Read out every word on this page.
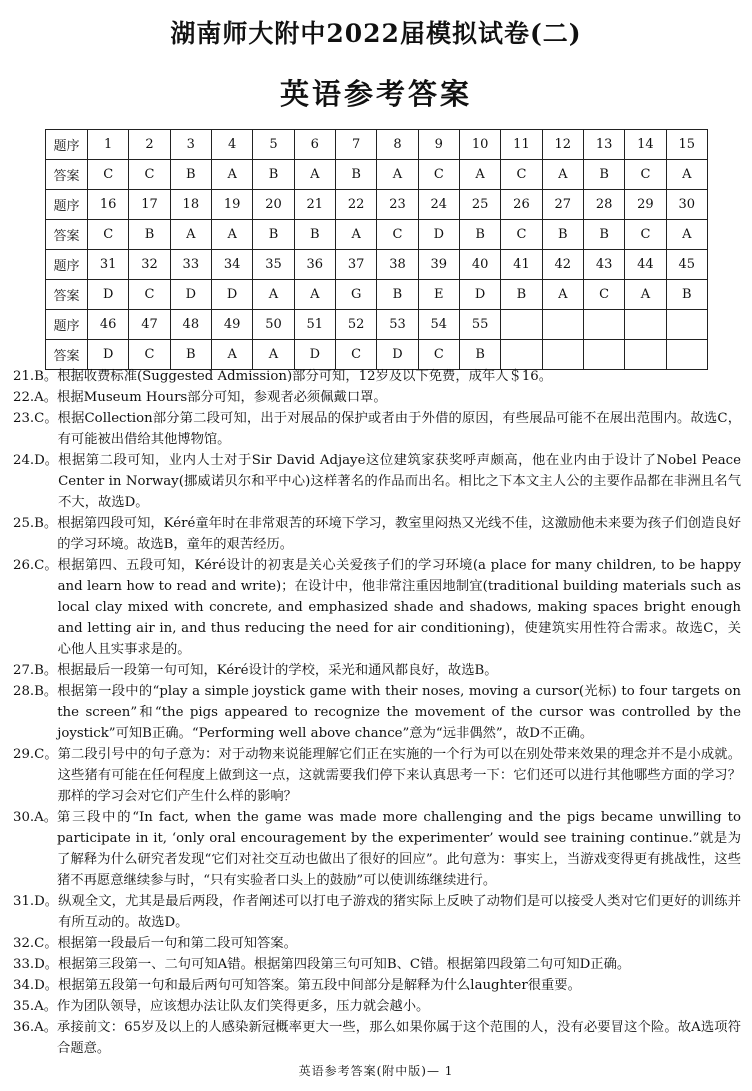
湖南师大附中2022届模拟试卷(二)
英语参考答案
题序	1	2	3	4	5	6	7	8	9	10	11	12	13	14	15
答案	C	C	B	A	B	A	B	A	C	A	C	A	B	C	A
题序	16	17	18	19	20	21	22	23	24	25	26	27	28	29	30
答案	C	B	A	A	B	B	A	C	D	B	C	B	B	C	A
题序	31	32	33	34	35	36	37	38	39	40	41	42	43	44	45
答案	D	C	D	D	A	A	G	B	E	D	B	A	C	A	B
题序	46	47	48	49	50	51	52	53	54	55					
答案	D	C	B	A	A	D	C	D	C	B					
21.B。 根据收费标准(Suggested Admission)部分可知，12岁及以下免费，成年人＄16。
22.A。 根据Museum Hours部分可知，参观者必须佩戴口罩。
23.C。 根据Collection部分第二段可知，出于对展品的保护或者由于外借的原因，有些展品可能不在展出范围内。故选C，有可能被出借给其他博物馆。
24.D。 根据第二段可知，业内人士对于Sir David Adjaye这位建筑家获奖呼声颇高，他在业内由于设计了Nobel Peace Center in Norway(挪威诺贝尔和平中心)这样著名的作品而出名。相比之下本文主人公的主要作品都在非洲且名气不大，故选D。
25.B。 根据第四段可知，Kéré童年时在非常艰苦的环境下学习，教室里闷热又光线不佳，这激励他未来要为孩子们创造良好的学习环境。故选B，童年的艰苦经历。
26.C。 根据第四、五段可知，Kéré设计的初衷是关心关爱孩子们的学习环境(a place for many children, to be happy and learn how to read and write)；在设计中，他非常注重因地制宜(traditional building materials such as local clay mixed with concrete, and emphasized shade and shadows, making spaces bright enough and letting air in, and thus reducing the need for air conditioning)，使建筑实用性符合需求。故选C，关心他人且实事求是的。
27.B。 根据最后一段第一句可知，Kéré设计的学校，采光和通风都良好，故选B。
28.B。 根据第一段中的“play a simple joystick game with their noses, moving a cursor(光标) to four targets on the screen”和“the pigs appeared to recognize the movement of the cursor was controlled by the joystick”可知B正确。“Performing well above chance”意为“远非偶然”，故D不正确。
29.C。 第二段引号中的句子意为：对于动物来说能理解它们正在实施的一个行为可以在别处带来效果的理念并不是小成就。这些猪有可能在任何程度上做到这一点，这就需要我们停下来认真思考一下：它们还可以进行其他哪些方面的学习？那样的学习会对它们产生什么样的影响？
30.A。 第三段中的“In fact, when the game was made more challenging and the pigs became unwilling to participate in it, ‘only oral encouragement by the experimenter’ would see training continue.”就是为了解释为什么研究者发现“它们对社交互动也做出了很好的回应”。此句意为：事实上，当游戏变得更有挑战性，这些猪不再愿意继续参与时，“只有实验者口头上的鼓励”可以使训练继续进行。
31.D。 纵观全文，尤其是最后两段，作者阐述可以打电子游戏的猪实际上反映了动物们是可以接受人类对它们更好的训练并有所互动的。故选D。
32.C。 根据第一段最后一句和第二段可知答案。
33.D。 根据第三段第一、二句可知A错。根据第四段第三句可知B、C错。根据第四段第二句可知D正确。
34.D。 根据第五段第一句和最后两句可知答案。第五段中间部分是解释为什么laughter很重要。
35.A。 作为团队领导，应该想办法让队友们笑得更多，压力就会越小。
36.A。 承接前文：65岁及以上的人感染新冠概率更大一些，那么如果你属于这个范围的人，没有必要冒这个险。故A选项符合题意。
英语参考答案(附中版)— 1
